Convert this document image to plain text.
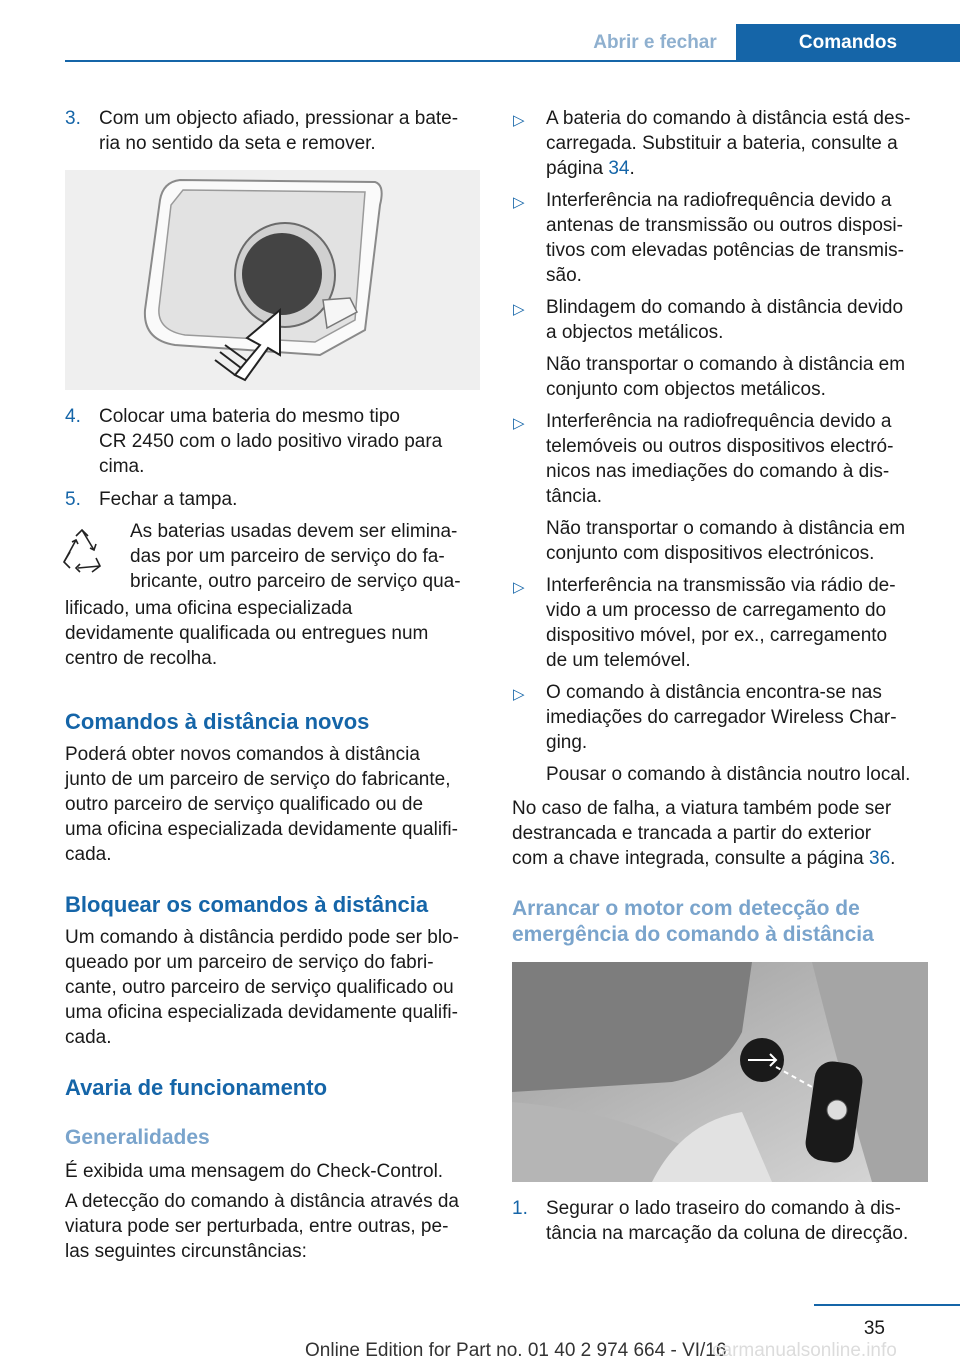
Abrir e fechar	Comandos
3. Com um objecto afiado, pressionar a bate-
ria no sentido da seta e remover.
4. Colocar uma bateria do mesmo tipo
CR 2450 com o lado positivo virado para
cima.
5. Fechar a tampa.
As baterias usadas devem ser elimina-
das por um parceiro de serviço do fa-
bricante, outro parceiro de serviço qua-
lificado, uma oficina especializada
devidamente qualificada ou entregues num
centro de recolha.
Comandos à distância novos
Poderá obter novos comandos à distância
junto de um parceiro de serviço do fabricante,
outro parceiro de serviço qualificado ou de
uma oficina especializada devidamente qualifi-
cada.
Bloquear os comandos à distância
Um comando à distância perdido pode ser blo-
queado por um parceiro de serviço do fabri-
cante, outro parceiro de serviço qualificado ou
uma oficina especializada devidamente qualifi-
cada.
Avaria de funcionamento
Generalidades
É exibida uma mensagem do Check-Control.
A detecção do comando à distância através da
viatura pode ser perturbada, entre outras, pe-
las seguintes circunstâncias:
▷ A bateria do comando à distância está des-
carregada. Substituir a bateria, consulte a
página 34.
▷ Interferência na radiofrequência devido a
antenas de transmissão ou outros disposi-
tivos com elevadas potências de transmis-
são.
▷ Blindagem do comando à distância devido
a objectos metálicos.
Não transportar o comando à distância em
conjunto com objectos metálicos.
▷ Interferência na radiofrequência devido a
telemóveis ou outros dispositivos electró-
nicos nas imediações do comando à dis-
tância.
Não transportar o comando à distância em
conjunto com dispositivos electrónicos.
▷ Interferência na transmissão via rádio de-
vido a um processo de carregamento do
dispositivo móvel, por ex., carregamento
de um telemóvel.
▷ O comando à distância encontra-se nas
imediações do carregador Wireless Char-
ging.
Pousar o comando à distância noutro local.
No caso de falha, a viatura também pode ser
destrancada e trancada a partir do exterior
com a chave integrada, consulte a página 36.
Arrancar o motor com detecção de
emergência do comando à distância
1. Segurar o lado traseiro do comando à dis-
tância na marcação da coluna de direcção.
35
Online Edition for Part no. 01 40 2 974 664 - VI/16
carmanualsonline.info
